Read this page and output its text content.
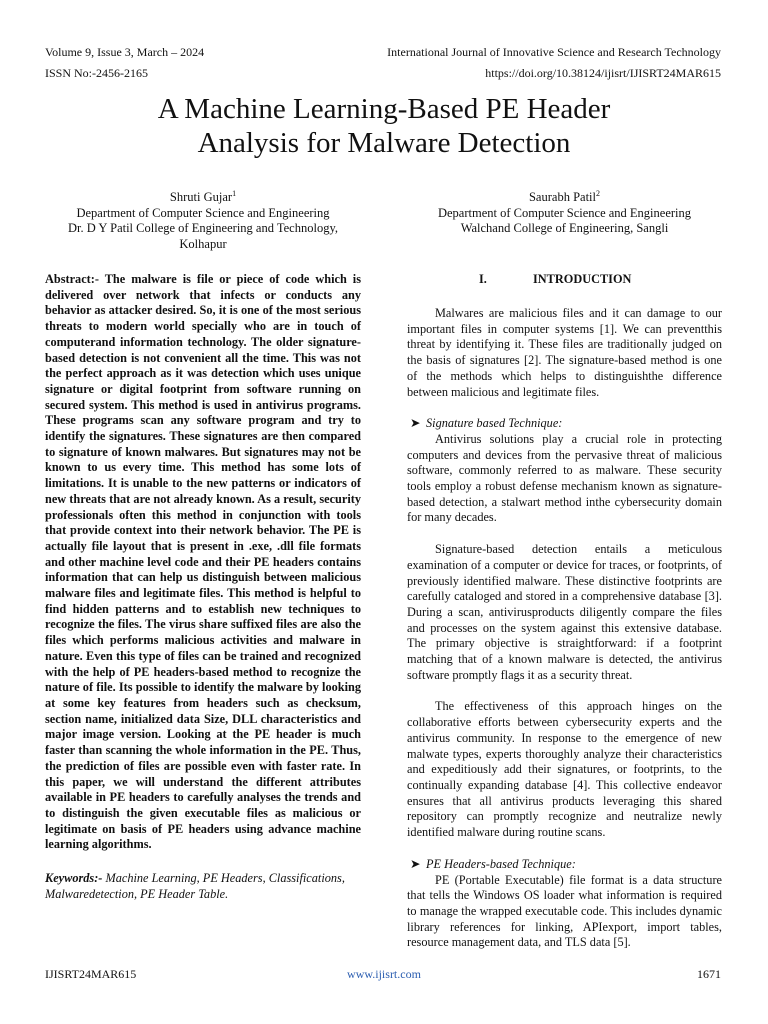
Volume 9, Issue 3, March – 2024
ISSN No:-2456-2165
International Journal of Innovative Science and Research Technology
https://doi.org/10.38124/ijisrt/IJISRT24MAR615
A Machine Learning-Based PE Header
Analysis for Malware Detection
Shruti Gujar$^1$
Department of Computer Science and Engineering
Dr. D Y Patil College of Engineering and Technology,
Kolhapur
Saurabh Patil$^2$
Department of Computer Science and Engineering
Walchand College of Engineering, Sangli

Abstract:- The malware is file or piece of code which is delivered over network that infects or conducts any behavior as attacker desired. So, it is one of the most serious threats to modern world specially who are in touch of computerand information technology. The older signature-based detection is not convenient all the time. This was not the perfect approach as it was detection which uses unique signature or digital footprint from software running on secured system. This method is used in antivirus programs. These programs scan any software program and try to identify the signatures. These signatures are then compared to signature of known malwares. But signatures may not be known to us every time. This method has some lots of limitations. It is unable to the new patterns or indicators of new threats that are not already known. As a result, security professionals often this method in conjunction with tools that provide context into their network behavior. The PE is actually file layout that is present in .exe, .dll file formats and other machine level code and their PE headers contains information that can help us distinguish between malicious malware files and legitimate files. This method is helpful to find hidden patterns and to establish new techniques to recognize the files. The virus share suffixed files are also the files which performs malicious activities and malware in nature. Even this type of files can be trained and recognized with the help of PE headers-based method to recognize the nature of file. Its possible to identify the malware by looking at some key features from headers such as checksum, section name, initialized data Size, DLL characteristics and major image version. Looking at the PE header is much faster than scanning the whole information in the PE. Thus, the prediction of files are possible even with faster rate. In this paper, we will understand the different attributes available in PE headers to carefully analyses the trends and to distinguish the given executable files as malicious or legitimate on basis of PE headers using advance machine learning algorithms.

Keywords:- Machine Learning, PE Headers, Classifications, Malwaredetection, PE Header Table.

I.	INTRODUCTION

Malwares are malicious files and it can damage to our important files in computer systems [1]. We can preventthis threat by identifying it. These files are traditionally judged on the basis of signatures [2]. The signature-based method is one of the methods which helps to distinguishthe difference between malicious and legitimate files.

➤ Signature based Technique:

Antivirus solutions play a crucial role in protecting computers and devices from the pervasive threat of malicious software, commonly referred to as malware. These security tools employ a robust defense mechanism known as signature-based detection, a stalwart method inthe cybersecurity domain for many decades.

Signature-based detection entails a meticulous examination of a computer or device for traces, or footprints, of previously identified malware. These distinctive footprints are carefully cataloged and stored in a comprehensive database [3]. During a scan, antivirusproducts diligently compare the files and processes on the system against this extensive database. The primary objective is straightforward: if a footprint matching that of a known malware is detected, the antivirus software promptly flags it as a security threat.

The effectiveness of this approach hinges on the collaborative efforts between cybersecurity experts and the antivirus community. In response to the emergence of new malwate types, experts thoroughly analyze their characteristics and expeditiously add their signatures, or footprints, to the continually expanding database [4]. This collective endeavor ensures that all antivirus products leveraging this shared repository can promptly recognize and neutralize newly identified malware during routine scans.

➤ PE Headers-based Technique:

PE (Portable Executable) file format is a data structure that tells the Windows OS loader what information is required to manage the wrapped executable code. This includes dynamic library references for linking, APIexport, import tables, resource management data, and TLS data [5].

IJISRT24MAR615	www.ijisrt.com	1671
